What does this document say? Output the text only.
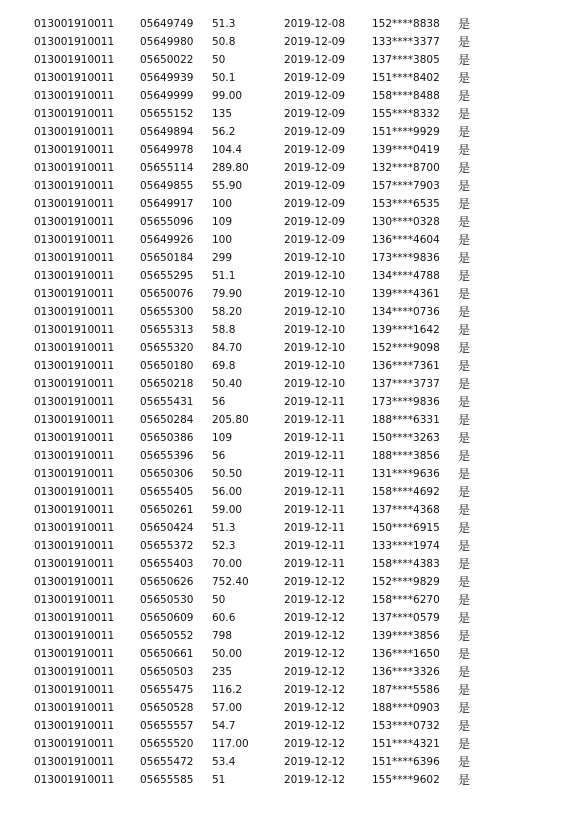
013001910011 05649749 51.3	2019-12-08	152****8838 是
013001910011 05649980 50.8	2019-12-09	133****3377 是
013001910011 05650022 50	2019-12-09	137****3805 是
013001910011 05649939 50.1	2019-12-09	151****8402 是
013001910011 05649999 99.00	2019-12-09	158****8488 是
013001910011 05655152 135	2019-12-09	155****8332 是
013001910011 05649894 56.2	2019-12-09	151****9929 是
013001910011 05649978 104.4	2019-12-09	139****0419 是
013001910011 05655114 289.80	2019-12-09	132****8700 是
013001910011 05649855 55.90	2019-12-09	157****7903 是
013001910011 05649917 100	2019-12-09	153****6535 是
013001910011 05655096 109	2019-12-09	130****0328 是
013001910011 05649926 100	2019-12-09	136****4604 是
013001910011 05650184 299	2019-12-10	173****9836 是
013001910011 05655295 51.1	2019-12-10	134****4788 是
013001910011 05650076 79.90	2019-12-10	139****4361 是
013001910011 05655300 58.20	2019-12-10	134****0736 是
013001910011 05655313 58.8	2019-12-10	139****1642 是
013001910011 05655320 84.70	2019-12-10	152****9098 是
013001910011 05650180 69.8	2019-12-10	136****7361 是
013001910011 05650218 50.40	2019-12-10	137****3737 是
013001910011 05655431 56	2019-12-11	173****9836 是
013001910011 05650284 205.80	2019-12-11	188****6331 是
013001910011 05650386 109	2019-12-11	150****3263 是
013001910011 05655396 56	2019-12-11	188****3856 是
013001910011 05650306 50.50	2019-12-11	131****9636 是
013001910011 05655405 56.00	2019-12-11	158****4692 是
013001910011 05650261 59.00	2019-12-11	137****4368 是
013001910011 05650424 51.3	2019-12-11	150****6915 是
013001910011 05655372 52.3	2019-12-11	133****1974 是
013001910011 05655403 70.00	2019-12-11	158****4383 是
013001910011 05650626 752.40	2019-12-12	152****9829 是
013001910011 05650530 50	2019-12-12	158****6270 是
013001910011 05650609 60.6	2019-12-12	137****0579 是
013001910011 05650552 798	2019-12-12	139****3856 是
013001910011 05650661 50.00	2019-12-12	136****1650 是
013001910011 05650503 235	2019-12-12	136****3326 是
013001910011 05655475 116.2	2019-12-12	187****5586 是
013001910011 05650528 57.00	2019-12-12	188****0903 是
013001910011 05655557 54.7	2019-12-12	153****0732 是
013001910011 05655520 117.00	2019-12-12	151****4321 是
013001910011 05655472 53.4	2019-12-12	151****6396 是
013001910011 05655585 51	2019-12-12	155****9602 是
